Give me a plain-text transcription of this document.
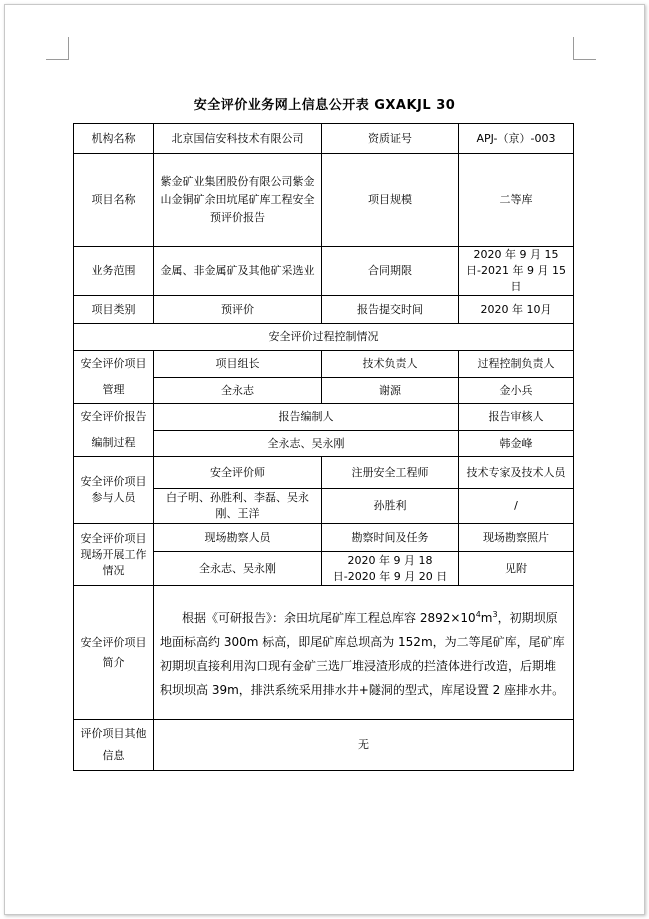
安全评价业务网上信息公开表 GXAKJL 30
机构名称	北京国信安科技术有限公司	资质证号	APJ-（京）-003
项目名称	紫金矿业集团股份有限公司紫金山金铜矿余田坑尾矿库工程安全预评价报告	项目规模	二等库
业务范围	金属、非金属矿及其他矿采选业	合同期限	2020 年 9 月 15 日-2021 年 9 月 15 日
项目类别	预评价	报告提交时间	2020 年 10月
安全评价过程控制情况			
安全评价项目管理	项目组长	技术负责人	过程控制负责人
	全永志	谢源	金小兵
安全评价报告编制过程	报告编制人		报告审核人
	全永志、吴永刚		韩金峰
安全评价项目参与人员	安全评价师	注册安全工程师	技术专家及技术人员
	白子明、孙胜利、李磊、吴永刚、王洋	孙胜利	/
安全评价项目现场开展工作情况	现场勘察人员	勘察时间及任务	现场勘察照片
	全永志、吴永刚	2020 年 9 月 18 日-2020 年 9 月 20 日	见附
安全评价项目简介	根据《可研报告》：余田坑尾矿库工程总库容 $2892\times 10^4m^3$，初期坝原地面标高约 300m 标高，即尾矿库总坝高为 152m，为二等尾矿库，尾矿库初期坝直接利用沟口现有金矿三选厂堆浸渣形成的拦渣体进行改造，后期堆积坝坝高 39m，排洪系统采用排水井+隧洞的型式，库尾设置 2 座排水井。		
评价项目其他信息	无		
